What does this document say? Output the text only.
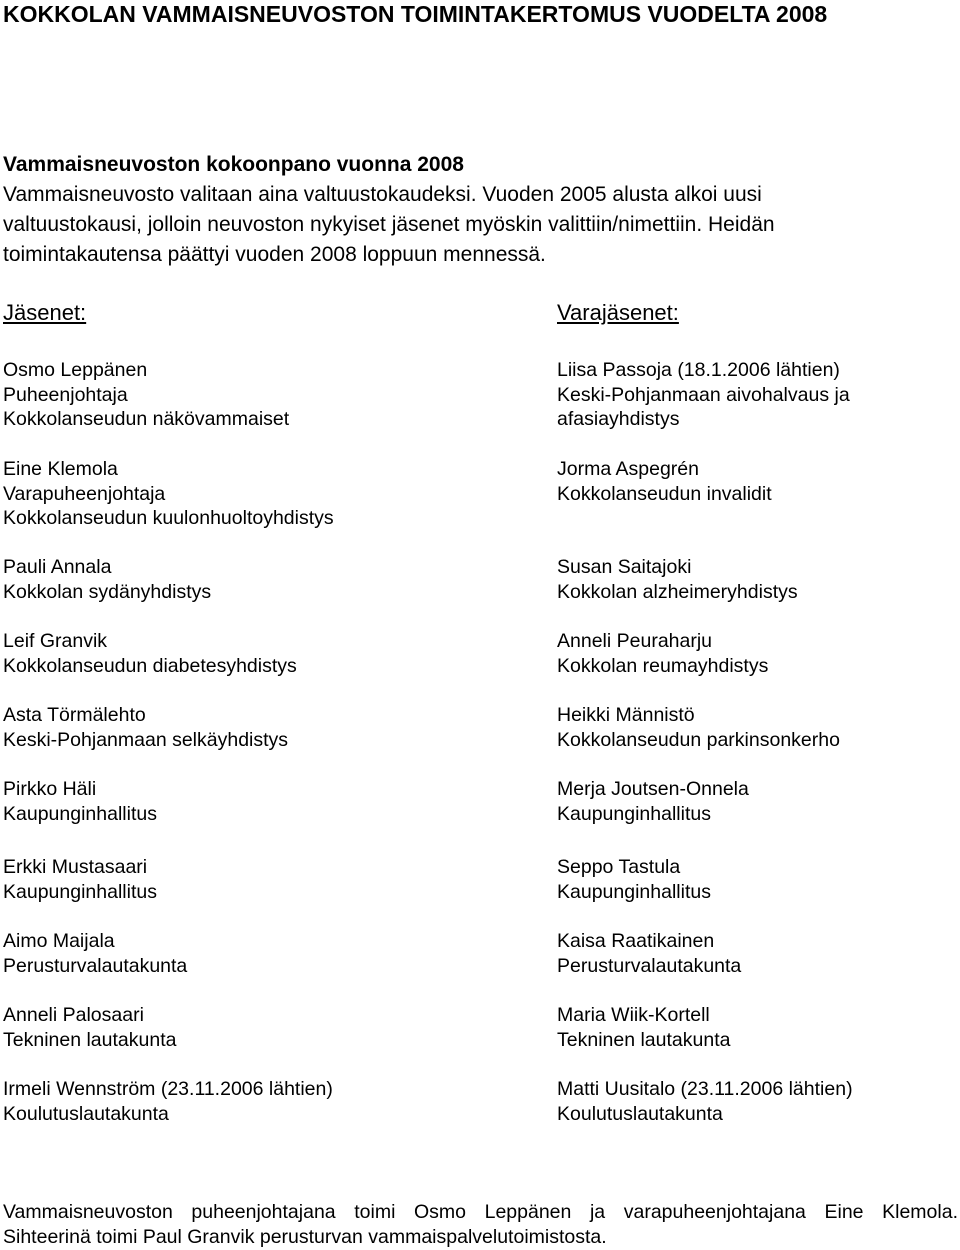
KOKKOLAN VAMMAISNEUVOSTON TOIMINTAKERTOMUS VUODELTA 2008
Vammaisneuvoston kokoonpano vuonna 2008
Vammaisneuvosto valitaan aina valtuustokaudeksi. Vuoden 2005 alusta alkoi uusi
valtuustokausi, jolloin neuvoston nykyiset jäsenet myöskin valittiin/nimettiin. Heidän
toimintakautensa päättyi vuoden 2008 loppuun mennessä.
Jäsenet:	Varajäsenet:
Osmo Leppänen
Puheenjohtaja
Kokkolanseudun näkövammaiset
Eine Klemola
Varapuheenjohtaja
Kokkolanseudun kuulonhuoltoyhdistys
Pauli Annala
Kokkolan sydänyhdistys
Leif Granvik
Kokkolanseudun diabetesyhdistys
Asta Törmälehto
Keski-Pohjanmaan selkäyhdistys
Pirkko Häli
Kaupunginhallitus
Erkki Mustasaari
Kaupunginhallitus
Aimo Maijala
Perusturvalautakunta
Anneli Palosaari
Tekninen lautakunta
Irmeli Wennström (23.11.2006 lähtien)
Koulutuslautakunta
Liisa Passoja (18.1.2006 lähtien)
Keski-Pohjanmaan aivohalvaus ja
afasiayhdistys
Jorma Aspegrén
Kokkolanseudun invalidit
Susan Saitajoki
Kokkolan alzheimeryhdistys
Anneli Peuraharju
Kokkolan reumayhdistys
Heikki Männistö
Kokkolanseudun parkinsonkerho
Merja Joutsen-Onnela
Kaupunginhallitus
Seppo Tastula
Kaupunginhallitus
Kaisa Raatikainen
Perusturvalautakunta
Maria Wiik-Kortell
Tekninen lautakunta
Matti Uusitalo (23.11.2006 lähtien)
Koulutuslautakunta
Vammaisneuvoston puheenjohtajana toimi Osmo Leppänen ja varapuheenjohtajana Eine Klemola.
Sihteerinä toimi Paul Granvik perusturvan vammaispalvelutoimistosta.
